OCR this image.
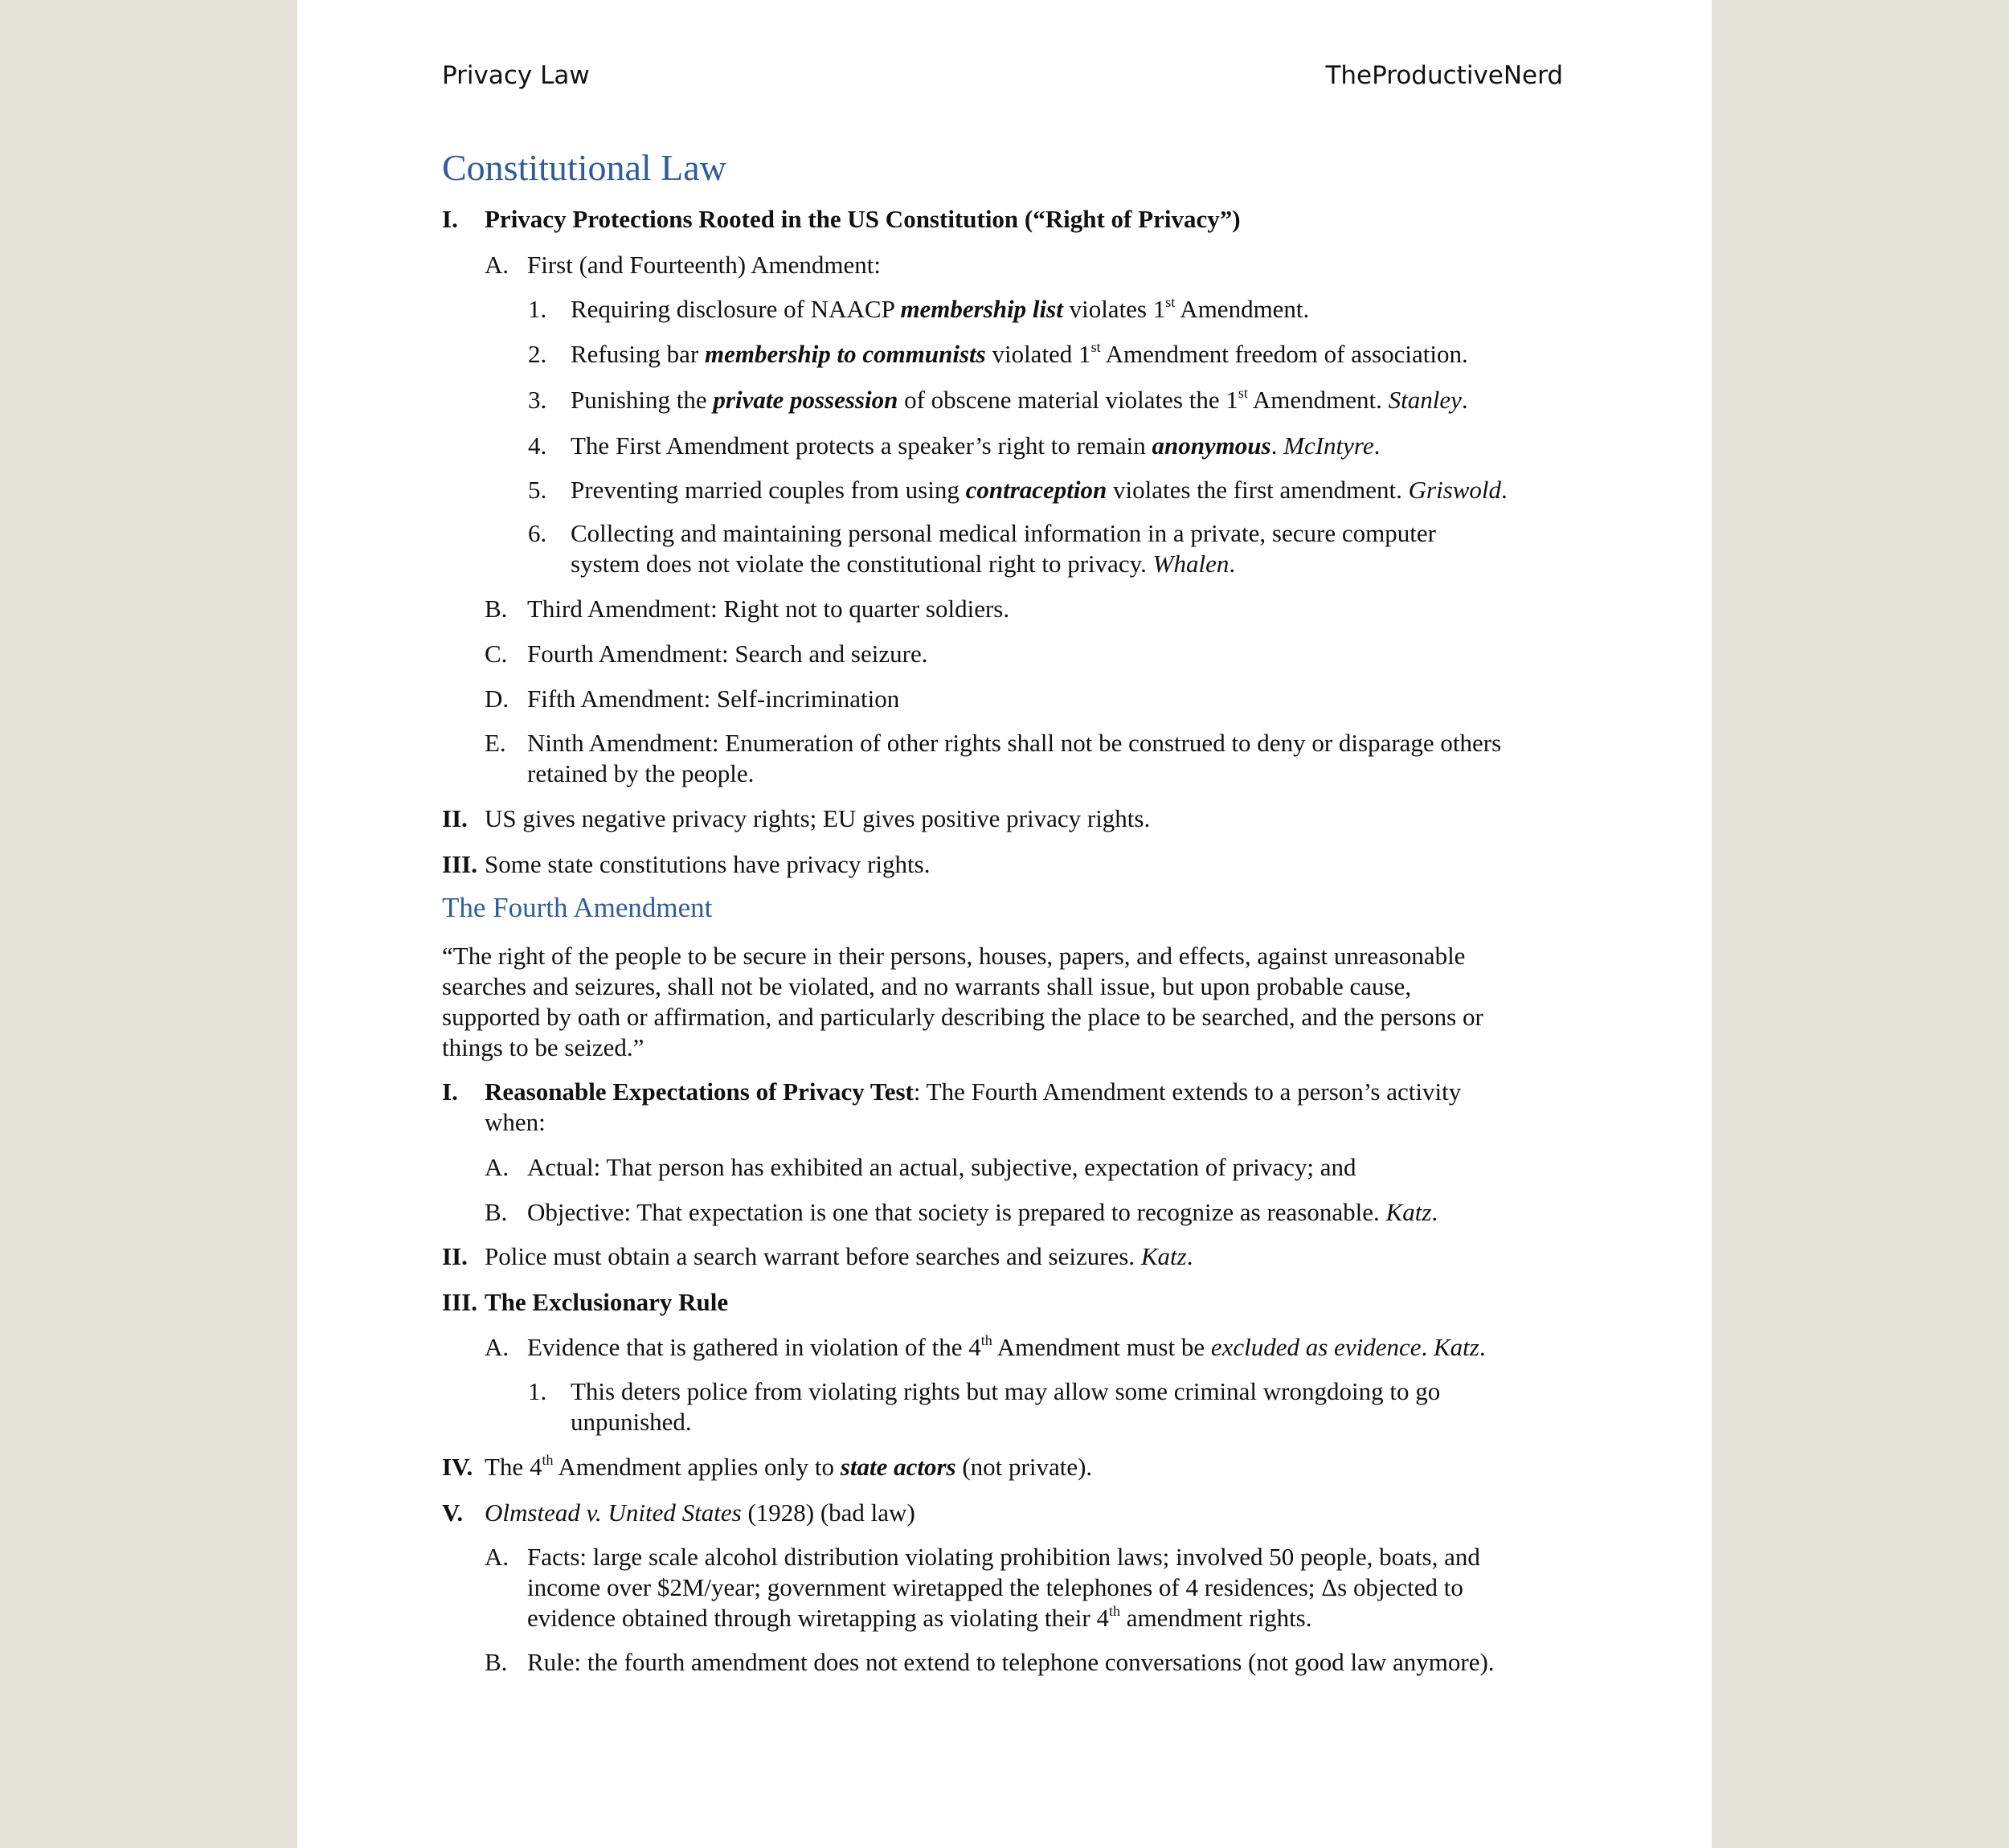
Privacy Law	TheProductiveNerd
Constitutional Law
I. Privacy Protections Rooted in the US Constitution (“Right of Privacy”)
A. First (and Fourteenth) Amendment:
1. Requiring disclosure of NAACP membership list violates 1st Amendment.
2. Refusing bar membership to communists violated 1st Amendment freedom of association.
3. Punishing the private possession of obscene material violates the 1st Amendment. Stanley.
4. The First Amendment protects a speaker’s right to remain anonymous. McIntyre.
5. Preventing married couples from using contraception violates the first amendment. Griswold.
6. Collecting and maintaining personal medical information in a private, secure computer
system does not violate the constitutional right to privacy. Whalen.
B. Third Amendment: Right not to quarter soldiers.
C. Fourth Amendment: Search and seizure.
D. Fifth Amendment: Self-incrimination
E. Ninth Amendment: Enumeration of other rights shall not be construed to deny or disparage others
retained by the people.
II. US gives negative privacy rights; EU gives positive privacy rights.
III. Some state constitutions have privacy rights.
The Fourth Amendment
“The right of the people to be secure in their persons, houses, papers, and effects, against unreasonable
searches and seizures, shall not be violated, and no warrants shall issue, but upon probable cause,
supported by oath or affirmation, and particularly describing the place to be searched, and the persons or
things to be seized.”
I. Reasonable Expectations of Privacy Test: The Fourth Amendment extends to a person’s activity
when:
A. Actual: That person has exhibited an actual, subjective, expectation of privacy; and
B. Objective: That expectation is one that society is prepared to recognize as reasonable. Katz.
II. Police must obtain a search warrant before searches and seizures. Katz.
III. The Exclusionary Rule
A. Evidence that is gathered in violation of the 4th Amendment must be excluded as evidence. Katz.
1. This deters police from violating rights but may allow some criminal wrongdoing to go
unpunished.
IV. The 4th Amendment applies only to state actors (not private).
V. Olmstead v. United States (1928) (bad law)
A. Facts: large scale alcohol distribution violating prohibition laws; involved 50 people, boats, and
income over $2M/year; government wiretapped the telephones of 4 residences; Δs objected to
evidence obtained through wiretapping as violating their 4th amendment rights.
B. Rule: the fourth amendment does not extend to telephone conversations (not good law anymore).
